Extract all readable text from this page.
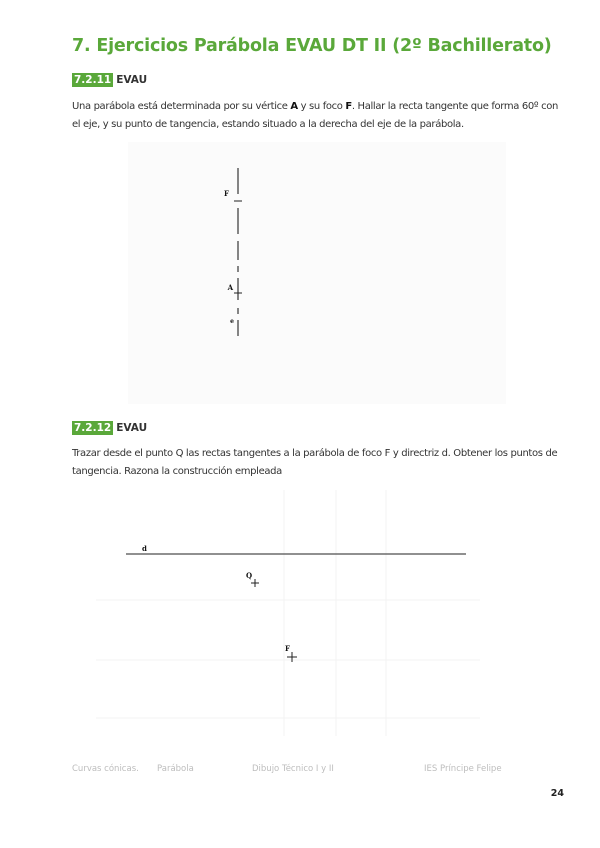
7. Ejercicios Parábola EVAU DT II (2º Bachillerato)
7.2.11 EVAU
Una parábola está determinada por su vértice A y su foco F. Hallar la recta tangente que forma 60º con el eje, y su punto de tangencia, estando situado a la derecha del eje de la parábola.
F
A
e
7.2.12 EVAU
Trazar desde el punto Q las rectas tangentes a la parábola de foco F y directriz d. Obtener los puntos de tangencia. Razona la construcción empleada
d
Q
F
Curvas cónicas. Parábola	Dibujo Técnico I y II	IES Príncipe Felipe
24
